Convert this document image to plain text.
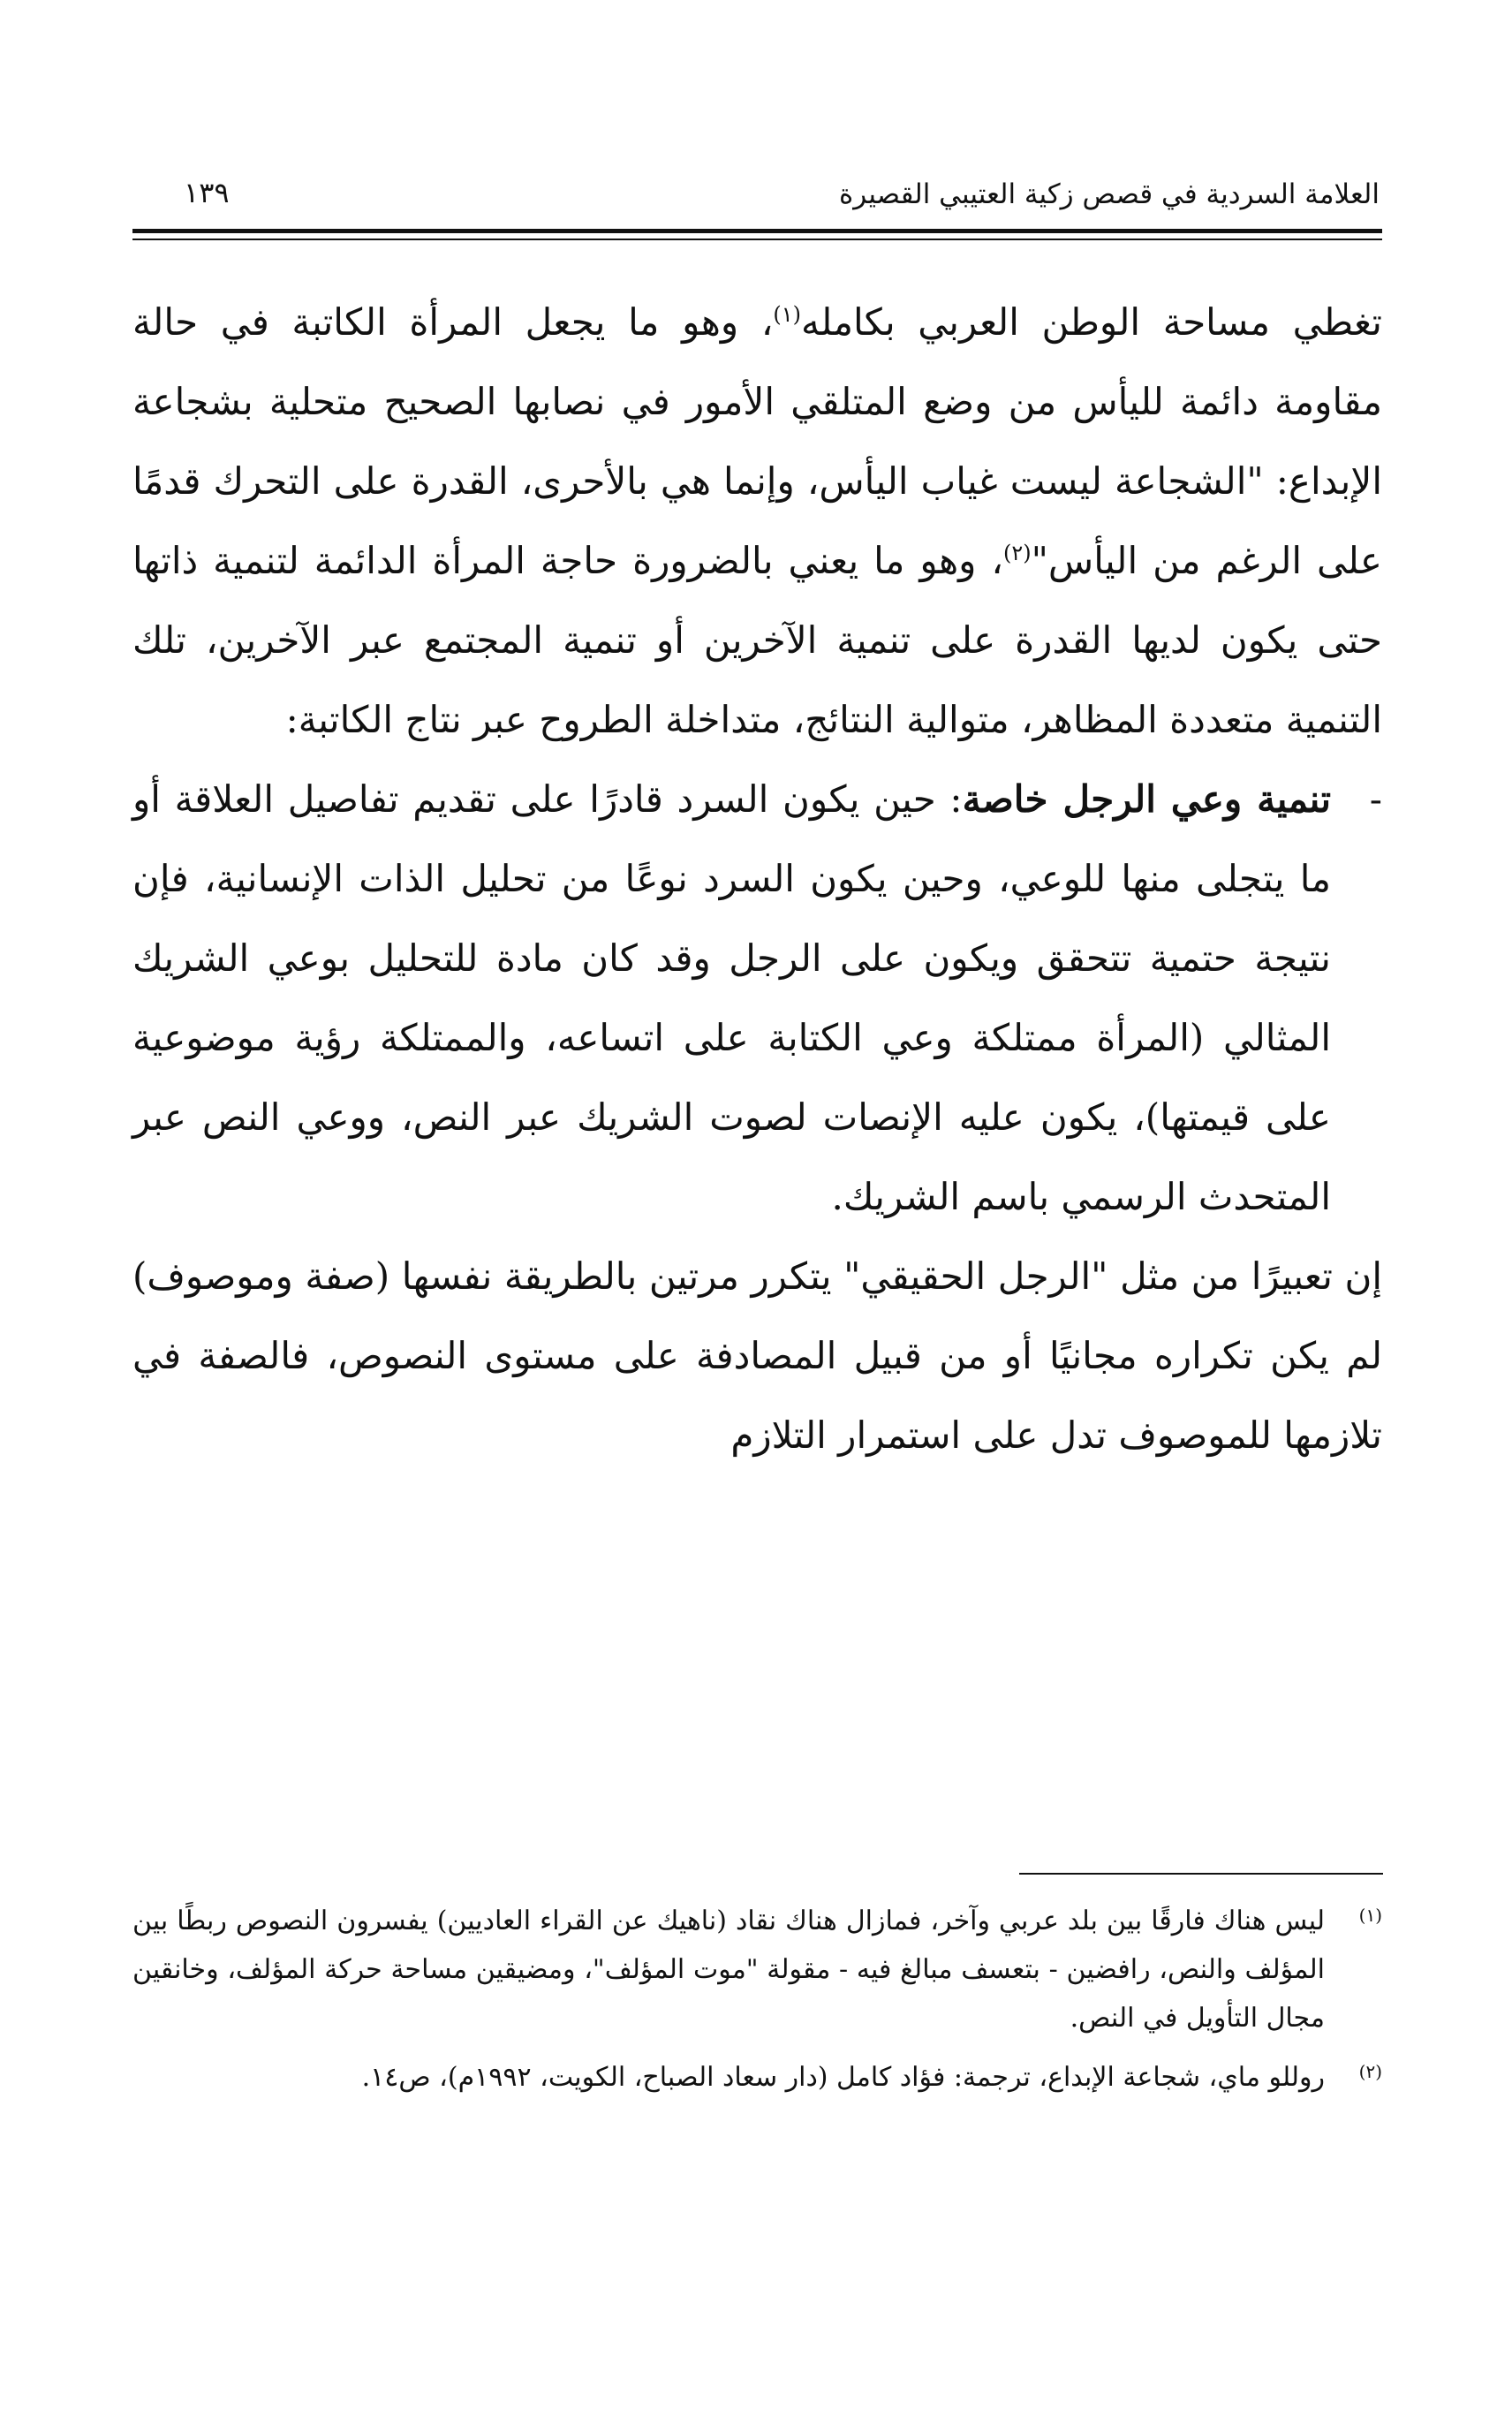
العلامة السردية في قصص زكية العتيبي القصيرة
١٣٩

تغطي مساحة الوطن العربي بكامله$^{(١)}$، وهو ما يجعل المرأة الكاتبة في حالة مقاومة دائمة لليأس من وضع المتلقي الأمور في نصابها الصحيح متحلية بشجاعة الإبداع: "الشجاعة ليست غياب اليأس، وإنما هي بالأحرى، القدرة على التحرك قدمًا على الرغم من اليأس"$^{(٢)}$، وهو ما يعني بالضرورة حاجة المرأة الدائمة لتنمية ذاتها حتى يكون لديها القدرة على تنمية الآخرين أو تنمية المجتمع عبر الآخرين، تلك التنمية متعددة المظاهر، متوالية النتائج، متداخلة الطروح عبر نتاج الكاتبة:

-
تنمية وعي الرجل خاصة: حين يكون السرد قادرًا على تقديم تفاصيل العلاقة أو ما يتجلى منها للوعي، وحين يكون السرد نوعًا من تحليل الذات الإنسانية، فإن نتيجة حتمية تتحقق ويكون على الرجل وقد كان مادة للتحليل بوعي الشريك المثالي (المرأة ممتلكة وعي الكتابة على اتساعه، والممتلكة رؤية موضوعية على قيمتها)، يكون عليه الإنصات لصوت الشريك عبر النص، ووعي النص عبر المتحدث الرسمي باسم الشريك.

إن تعبيرًا من مثل "الرجل الحقيقي" يتكرر مرتين بالطريقة نفسها (صفة وموصوف) لم يكن تكراره مجانيًا أو من قبيل المصادفة على مستوى النصوص، فالصفة في تلازمها للموصوف تدل على استمرار التلازم

(١)
ليس هناك فارقًا بين بلد عربي وآخر، فمازال هناك نقاد (ناهيك عن القراء العاديين) يفسرون النصوص ربطًا بين المؤلف والنص، رافضين - بتعسف مبالغ فيه - مقولة "موت المؤلف"، ومضيقين مساحة حركة المؤلف، وخانقين مجال التأويل في النص.

(٢)
روللو ماي، شجاعة الإبداع، ترجمة: فؤاد كامل (دار سعاد الصباح، الكويت، ١٩٩٢م)، ص١٤.
